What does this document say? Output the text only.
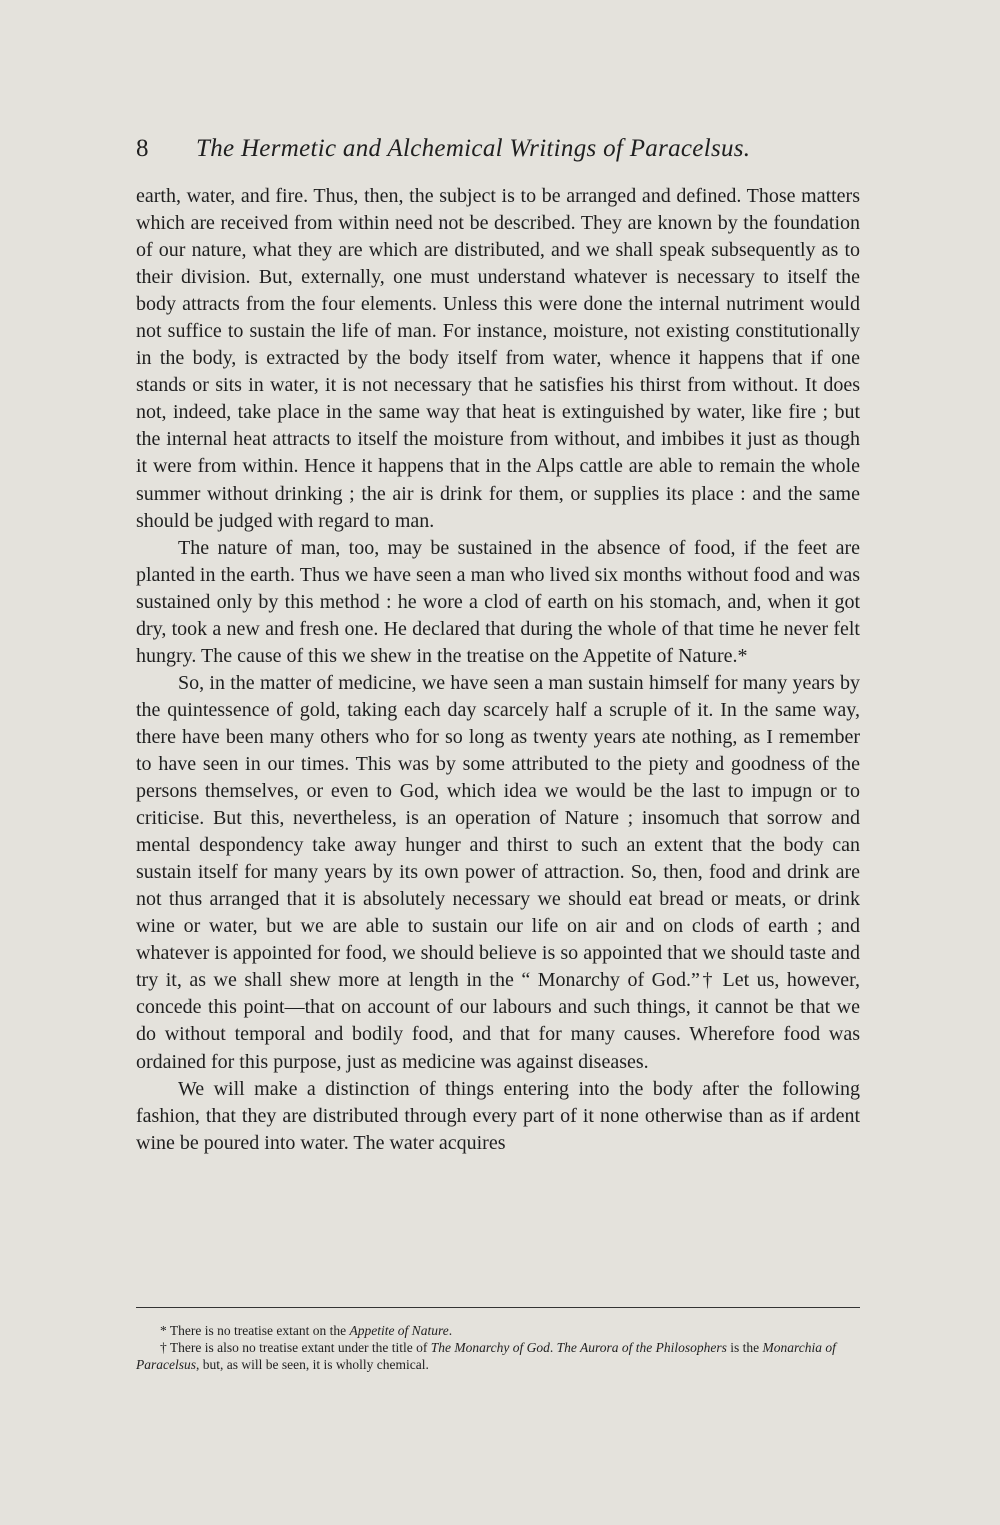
8 The Hermetic and Alchemical Writings of Paracelsus.

earth, water, and fire. Thus, then, the subject is to be arranged and defined. Those matters which are received from within need not be described. They are known by the foundation of our nature, what they are which are distributed, and we shall speak subsequently as to their division. But, externally, one must understand whatever is necessary to itself the body attracts from the four elements. Unless this were done the internal nutriment would not suffice to sustain the life of man. For instance, moisture, not existing constitutionally in the body, is extracted by the body itself from water, whence it happens that if one stands or sits in water, it is not necessary that he satisfies his thirst from without. It does not, indeed, take place in the same way that heat is extinguished by water, like fire ; but the internal heat attracts to itself the moisture from without, and imbibes it just as though it were from within. Hence it happens that in the Alps cattle are able to remain the whole summer without drinking ; the air is drink for them, or supplies its place : and the same should be judged with regard to man.

The nature of man, too, may be sustained in the absence of food, if the feet are planted in the earth. Thus we have seen a man who lived six months without food and was sustained only by this method : he wore a clod of earth on his stomach, and, when it got dry, took a new and fresh one. He declared that during the whole of that time he never felt hungry. The cause of this we shew in the treatise on the Appetite of Nature.*

So, in the matter of medicine, we have seen a man sustain himself for many years by the quintessence of gold, taking each day scarcely half a scruple of it. In the same way, there have been many others who for so long as twenty years ate nothing, as I remember to have seen in our times. This was by some attributed to the piety and goodness of the persons themselves, or even to God, which idea we would be the last to impugn or to criticise. But this, nevertheless, is an operation of Nature ; insomuch that sorrow and mental despondency take away hunger and thirst to such an extent that the body can sustain itself for many years by its own power of attraction. So, then, food and drink are not thus arranged that it is absolutely necessary we should eat bread or meats, or drink wine or water, but we are able to sustain our life on air and on clods of earth ; and whatever is appointed for food, we should believe is so appointed that we should taste and try it, as we shall shew more at length in the “ Monarchy of God.”† Let us, however, concede this point—that on account of our labours and such things, it cannot be that we do without temporal and bodily food, and that for many causes. Wherefore food was ordained for this purpose, just as medicine was against diseases.

We will make a distinction of things entering into the body after the following fashion, that they are distributed through every part of it none otherwise than as if ardent wine be poured into water. The water acquires

* There is no treatise extant on the Appetite of Nature.

† There is also no treatise extant under the title of The Monarchy of God. The Aurora of the Philosophers is the Monarchia of Paracelsus, but, as will be seen, it is wholly chemical.
